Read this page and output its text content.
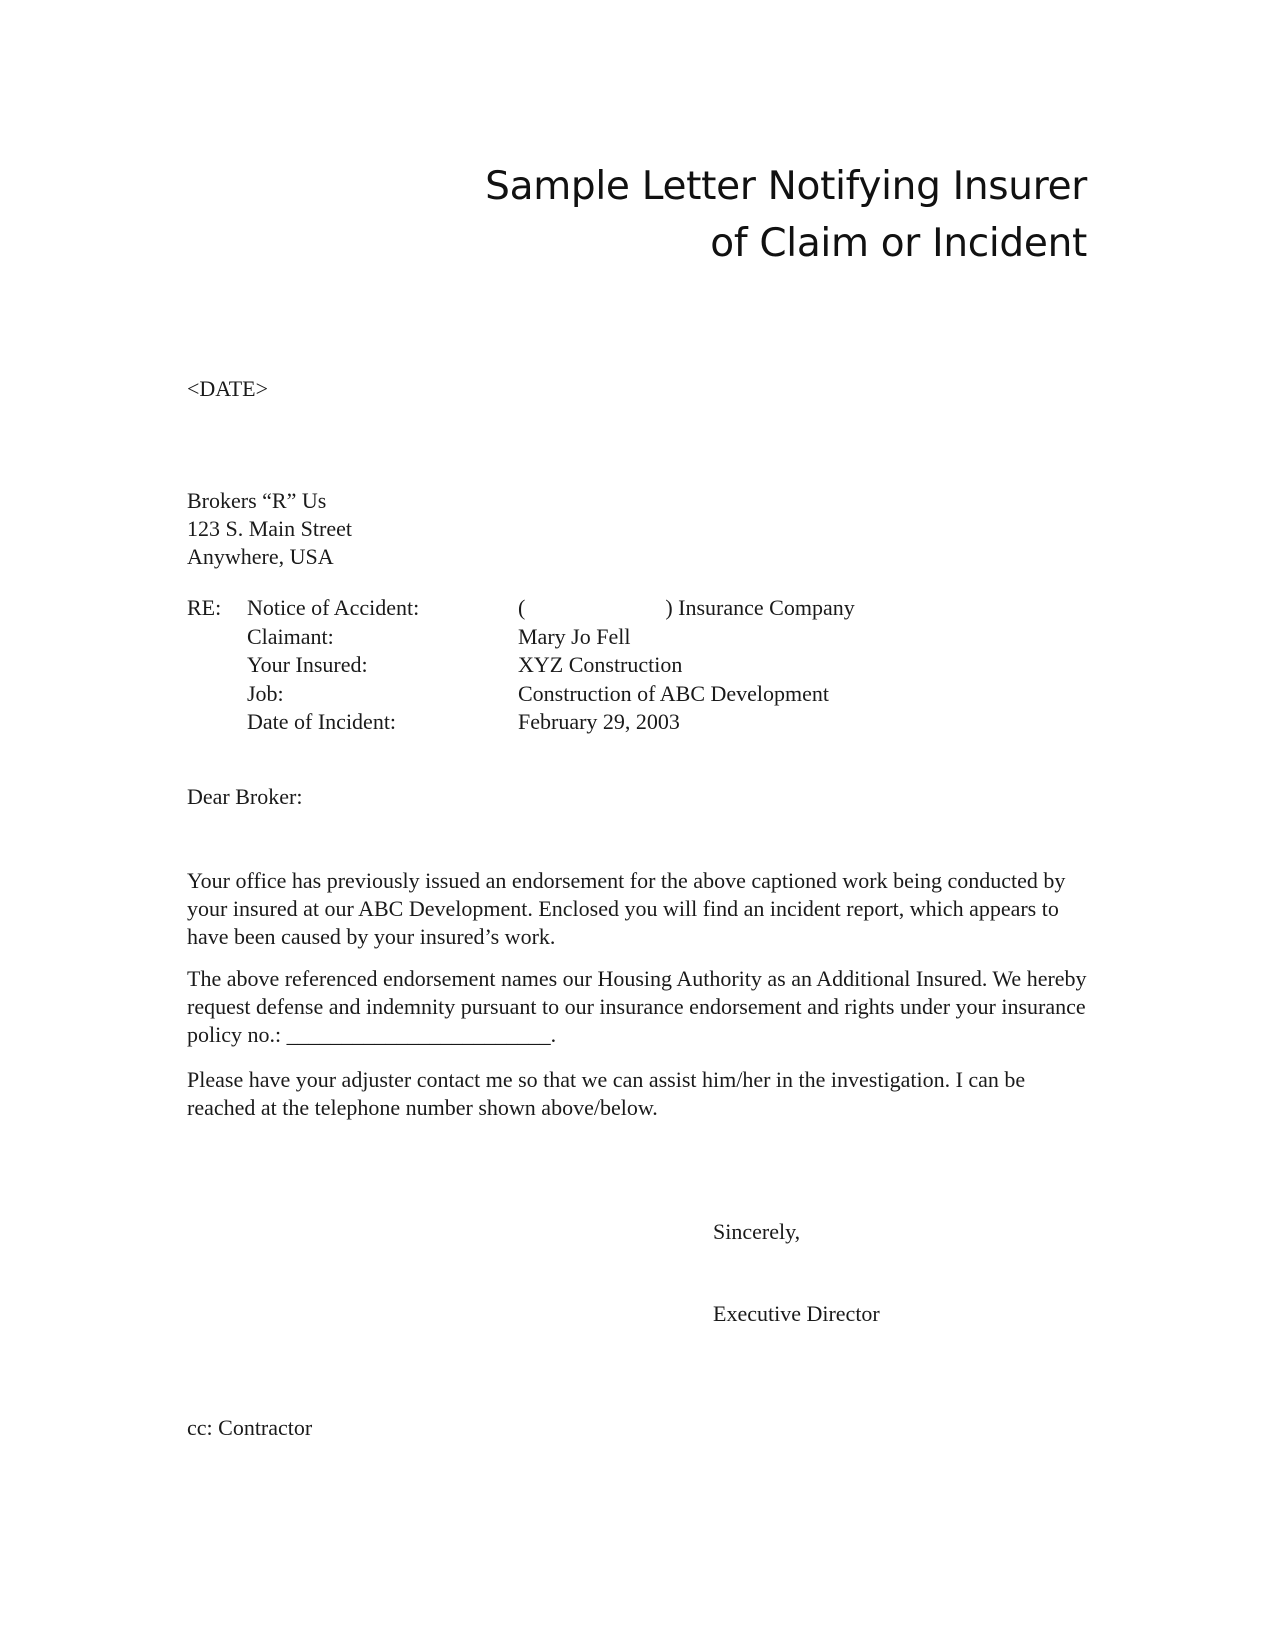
Sample Letter Notifying Insurer
of Claim or Incident
<DATE>
Brokers “R” Us
123 S. Main Street
Anywhere, USA
RE:	Notice of Accident:	( ) Insurance Company
	Claimant:	Mary Jo Fell
	Your Insured:	XYZ Construction
	Job:	Construction of ABC Development
	Date of Incident:	February 29, 2003
Dear Broker:

Your office has previously issued an endorsement for the above captioned work being conducted by your insured at our ABC Development. Enclosed you will find an incident report, which appears to have been caused by your insured’s work.

The above referenced endorsement names our Housing Authority as an Additional Insured. We hereby request defense and indemnity pursuant to our insurance endorsement and rights under your insurance policy no.: ________________________.

Please have your adjuster contact me so that we can assist him/her in the investigation. I can be reached at the telephone number shown above/below.

Sincerely,
Executive Director
cc: Contractor
